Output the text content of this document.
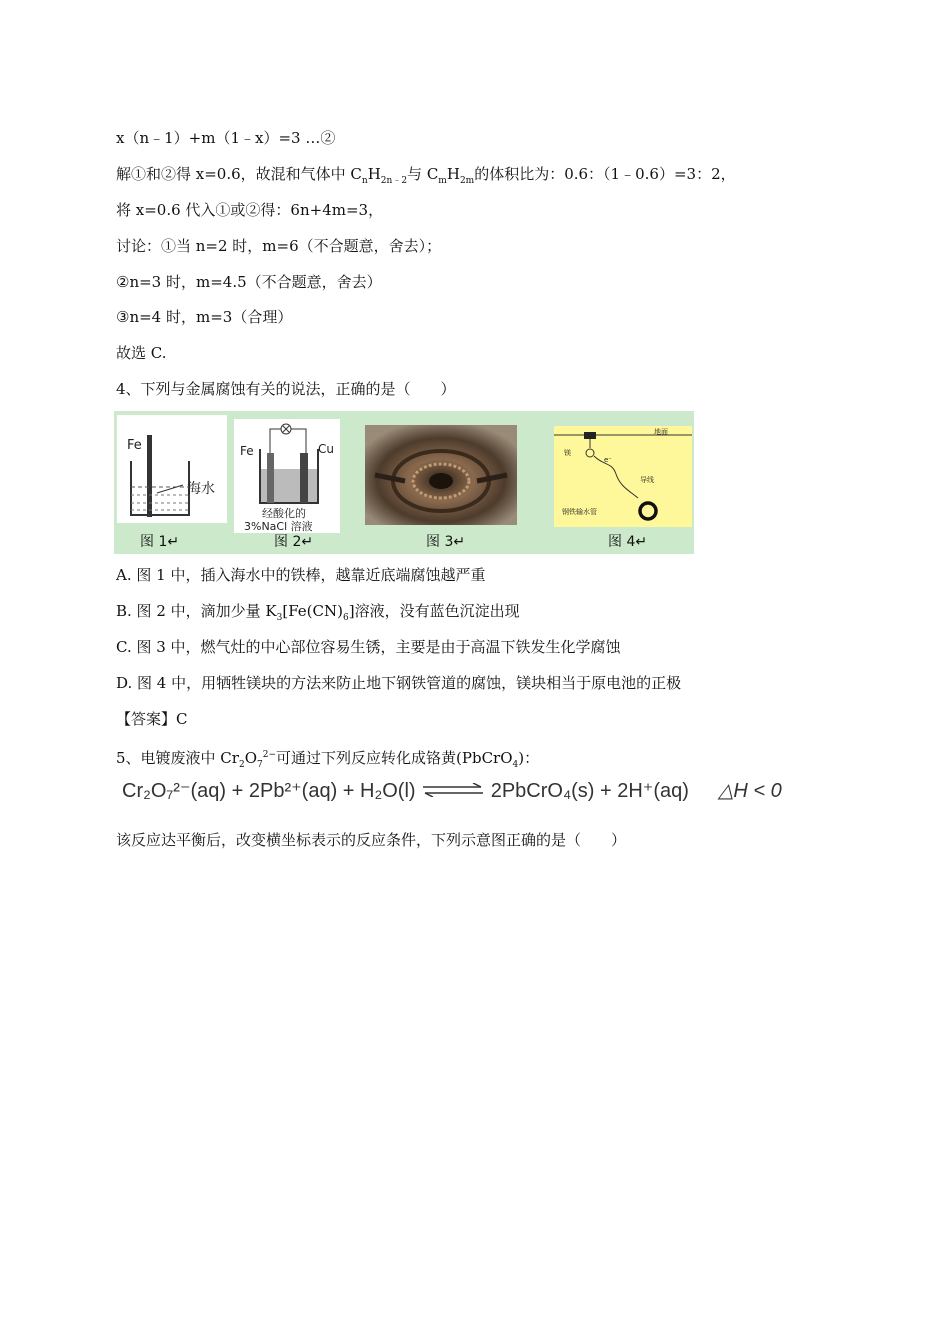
x（n﹣1）+m（1﹣x）=3 …②
解①和②得 x=0.6，故混和气体中 $C_nH_{2n﹣2}$与 $C_mH_{2m}$的体积比为：0.6：（1﹣0.6）=3：2，
将 x=0.6 代入①或②得：6n+4m=3，
讨论：①当 n=2 时，m=6（不合题意，舍去）；
②n=3 时，m=4.5（不合题意，舍去）
③n=4 时，m=3（合理）
故选 C.
4、下列与金属腐蚀有关的说法，正确的是（　　）
Fe
海水
图 1↵
Fe	Cu
经酸化的
3%NaCl 溶液
图 2↵	图 3↵
地面
镁
e⁻
导线
钢铁输水管
图 4↵
A. 图 1 中，插入海水中的铁棒，越靠近底端腐蚀越严重
B. 图 2 中，滴加少量 $K_3[Fe(CN)_6]$溶液，没有蓝色沉淀出现
C. 图 3 中，燃气灶的中心部位容易生锈，主要是由于高温下铁发生化学腐蚀
D. 图 4 中，用牺牲镁块的方法来防止地下钢铁管道的腐蚀，镁块相当于原电池的正极
【答案】C
5、电镀废液中 $Cr_2O_7^{2-}$可通过下列反应转化成铬黄(PbCrO$_4$)：
Cr₂O₇²⁻(aq) + 2Pb²⁺(aq) + H₂O(l) ⇌ 2PbCrO₄(s) + 2H⁺(aq) △H < 0
该反应达平衡后，改变横坐标表示的反应条件，下列示意图正确的是（　　）
